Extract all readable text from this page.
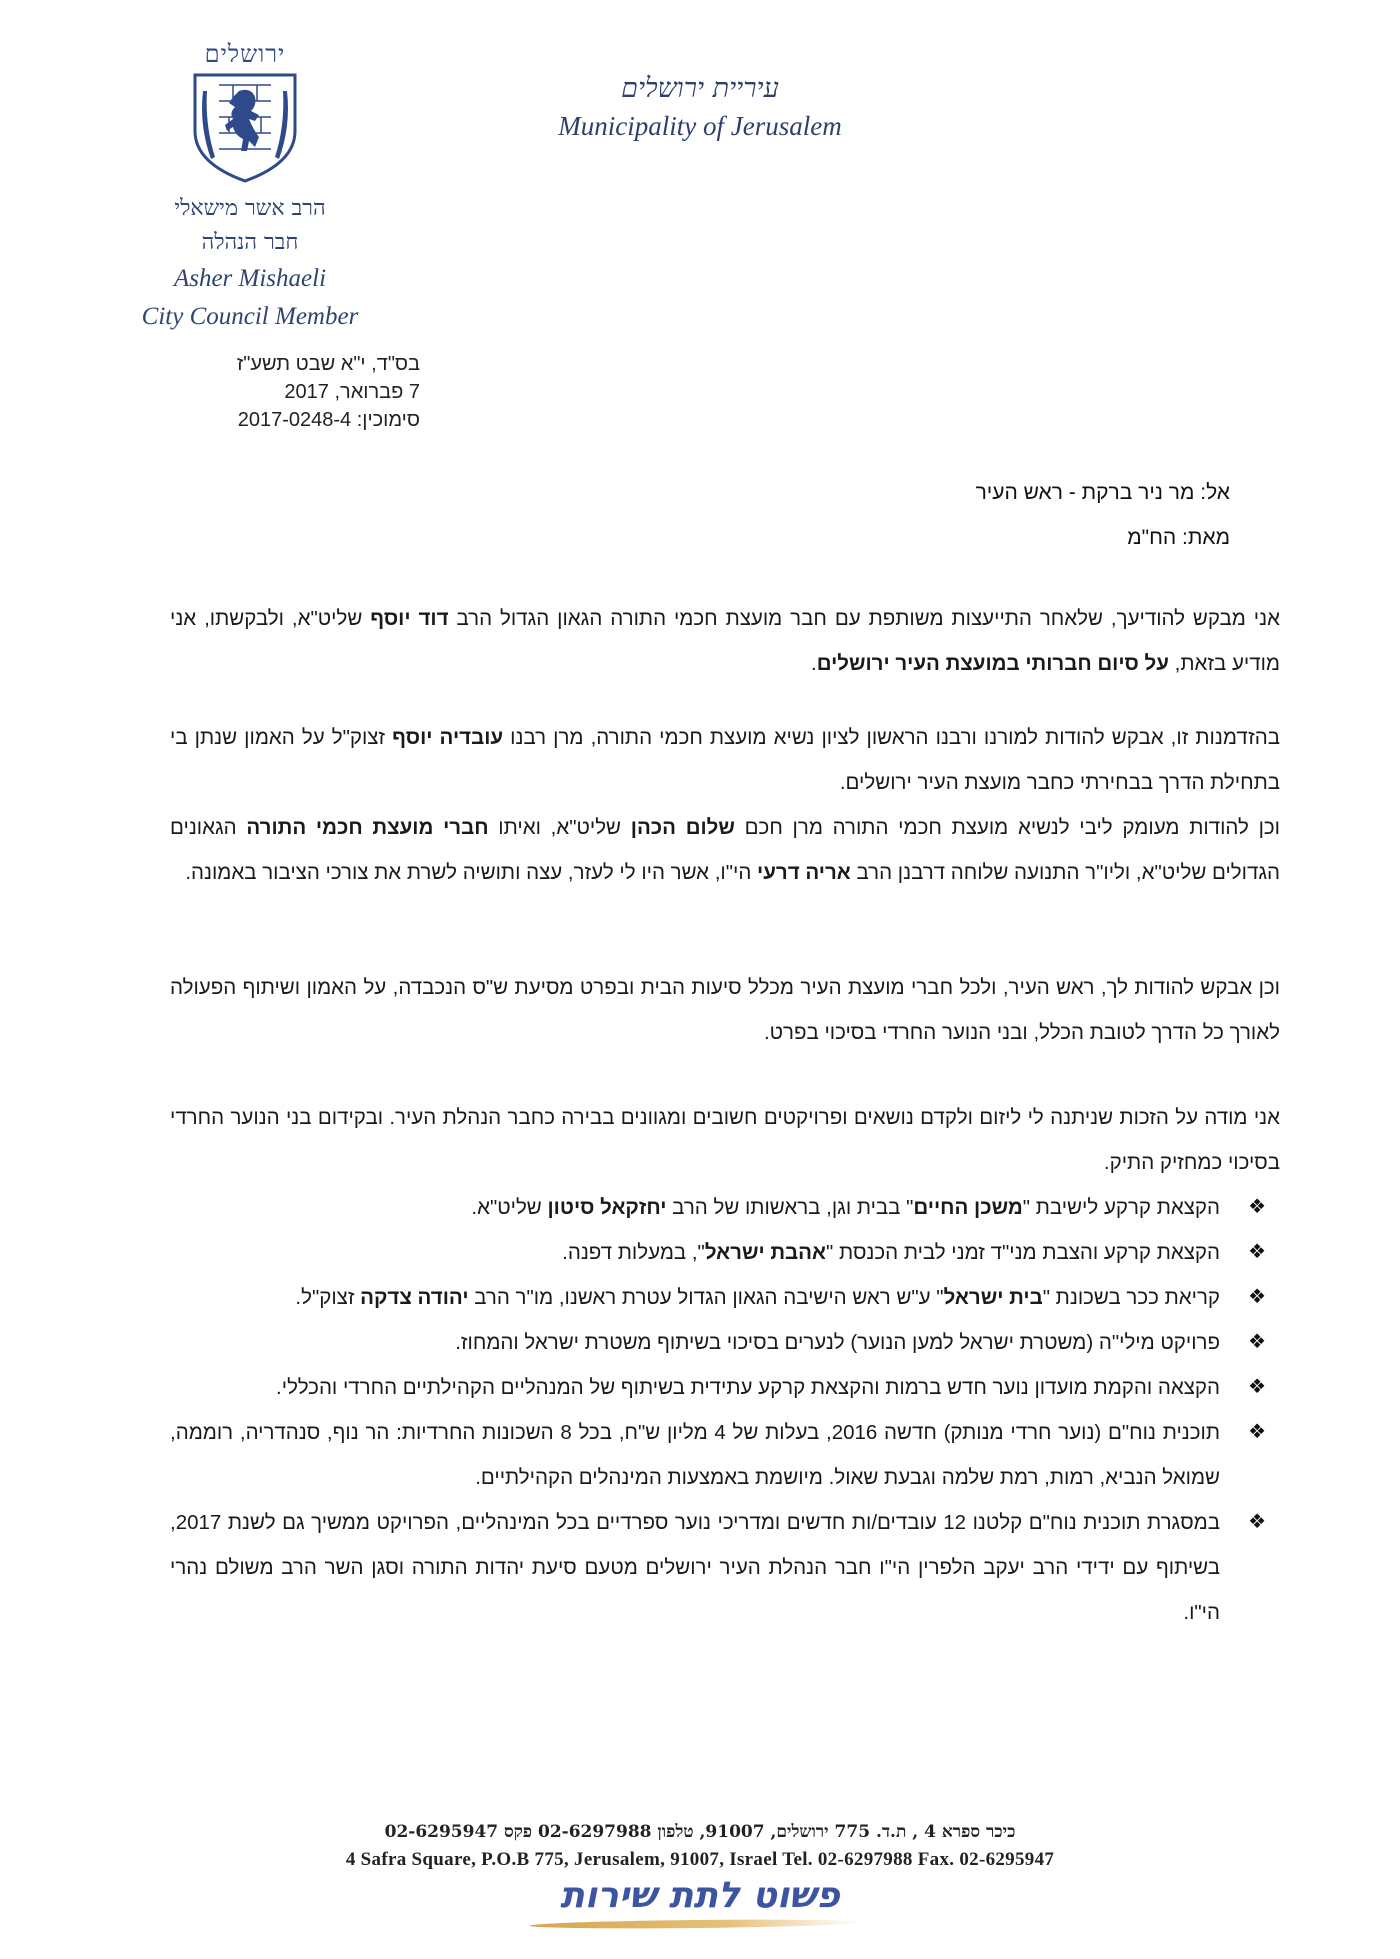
ירושלים
הרב אשר מישאלי
חבר הנהלה
Asher Mishaeli
City Council Member
עיריית ירושלים
Municipality of Jerusalem
בס"ד, י"א שבט תשע"ז
7 פברואר, 2017
סימוכין: 2017-0248-4
אל: מר ניר ברקת - ראש העיר
מאת: הח"מ

אני מבקש להודיעך, שלאחר התייעצות משותפת עם חבר מועצת חכמי התורה הגאון הגדול הרב דוד יוסף שליט"א, ולבקשתו, אני מודיע בזאת, על סיום חברותי במועצת העיר ירושלים.

בהזדמנות זו, אבקש להודות למורנו ורבנו הראשון לציון נשיא מועצת חכמי התורה, מרן רבנו עובדיה יוסף זצוק"ל על האמון שנתן בי בתחילת הדרך בבחירתי כחבר מועצת העיר ירושלים.

וכן להודות מעומק ליבי לנשיא מועצת חכמי התורה מרן חכם שלום הכהן שליט"א, ואיתו חברי מועצת חכמי התורה הגאונים הגדולים שליט"א, וליו"ר התנועה שלוחה דרבנן הרב אריה דרעי הי"ו, אשר היו לי לעזר, עצה ותושיה לשרת את צורכי הציבור באמונה.

וכן אבקש להודות לך, ראש העיר, ולכל חברי מועצת העיר מכלל סיעות הבית ובפרט מסיעת ש"ס הנכבדה, על האמון ושיתוף הפעולה לאורך כל הדרך לטובת הכלל, ובני הנוער החרדי בסיכוי בפרט.

אני מודה על הזכות שניתנה לי ליזום ולקדם נושאים ופרויקטים חשובים ומגוונים בבירה כחבר הנהלת העיר. ובקידום בני הנוער החרדי בסיכוי כמחזיק התיק.

❖
הקצאת קרקע לישיבת "משכן החיים" בבית וגן, בראשותו של הרב יחזקאל סיטון שליט"א.
❖
הקצאת קרקע והצבת מני"ד זמני לבית הכנסת "אהבת ישראל", במעלות דפנה.
❖
קריאת ככר בשכונת "בית ישראל" ע"ש ראש הישיבה הגאון הגדול עטרת ראשנו, מו"ר הרב יהודה צדקה זצוק"ל.
❖
פרויקט מילי"ה (משטרת ישראל למען הנוער) לנערים בסיכוי בשיתוף משטרת ישראל והמחוז.
❖
הקצאה והקמת מועדון נוער חדש ברמות והקצאת קרקע עתידית בשיתוף של המנהליים הקהילתיים החרדי והכללי.
❖
תוכנית נוח"ם (נוער חרדי מנותק) חדשה 2016, בעלות של 4 מליון ש"ח, בכל 8 השכונות החרדיות: הר נוף, סנהדריה, רוממה, שמואל הנביא, רמות, רמת שלמה וגבעת שאול. מיושמת באמצעות המינהלים הקהילתיים.
❖
במסגרת תוכנית נוח"ם קלטנו 12 עובדים/ות חדשים ומדריכי נוער ספרדיים בכל המינהליים, הפרויקט ממשיך גם לשנת 2017, בשיתוף עם ידידי הרב יעקב הלפרין הי"ו חבר הנהלת העיר ירושלים מטעם סיעת יהדות התורה וסגן השר הרב משולם נהרי הי"ו.
כיכר ספרא 4 , ת.ד. 775 ירושלים, 91007, טלפון 02-6297988 פקס 02-6295947
4 Safra Square, P.O.B 775, Jerusalem, 91007, Israel Tel. 02-6297988 Fax. 02-6295947
פשוט לתת שירות
